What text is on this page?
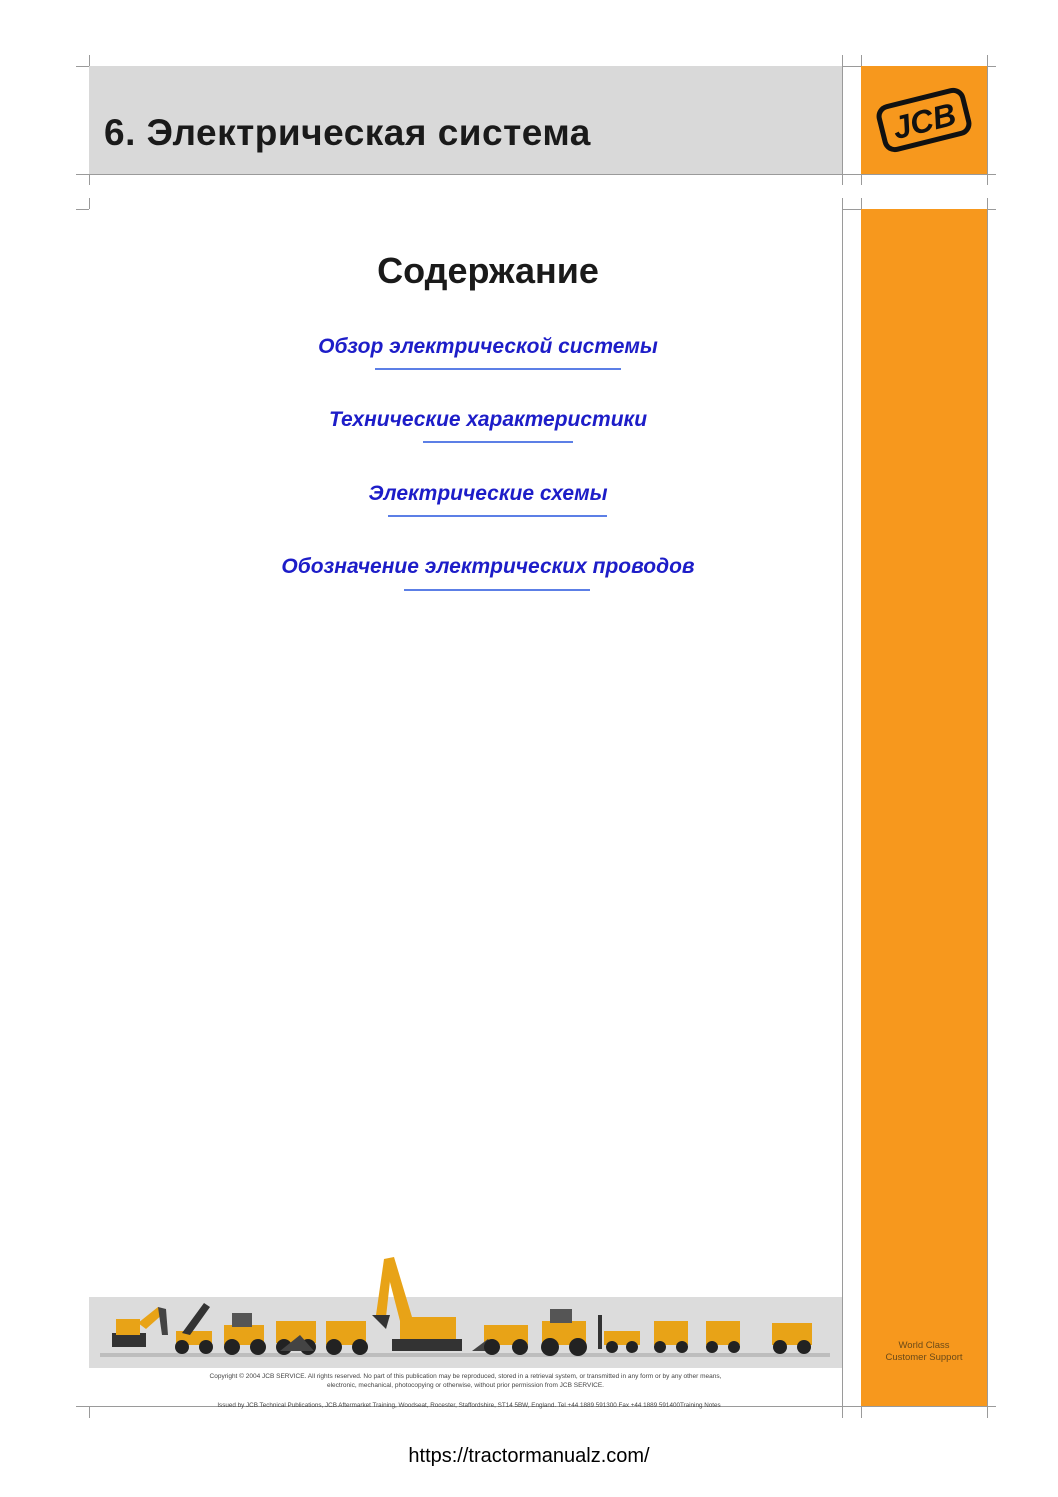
6. Электрическая система	JCB
World Class
Customer Support
Содержание
Обзор электрической системы
Технические характеристики
Электрические схемы
Обозначение электрических проводов
Copyright © 2004 JCB SERVICE. All rights reserved. No part of this publication may be reproduced, stored in a retrieval system, or transmitted in any form or by any other means,
electronic, mechanical, photocopying or otherwise, without prior permission from JCB SERVICE.
Issued by JCB Technical Publications, JCB Aftermarket Training, Woodseat, Rocester, Staffordshire, ST14 5BW, England. Tel +44 1889 591300 Fax +44 1889 591400Training Notes
https://tractormanualz.com/
